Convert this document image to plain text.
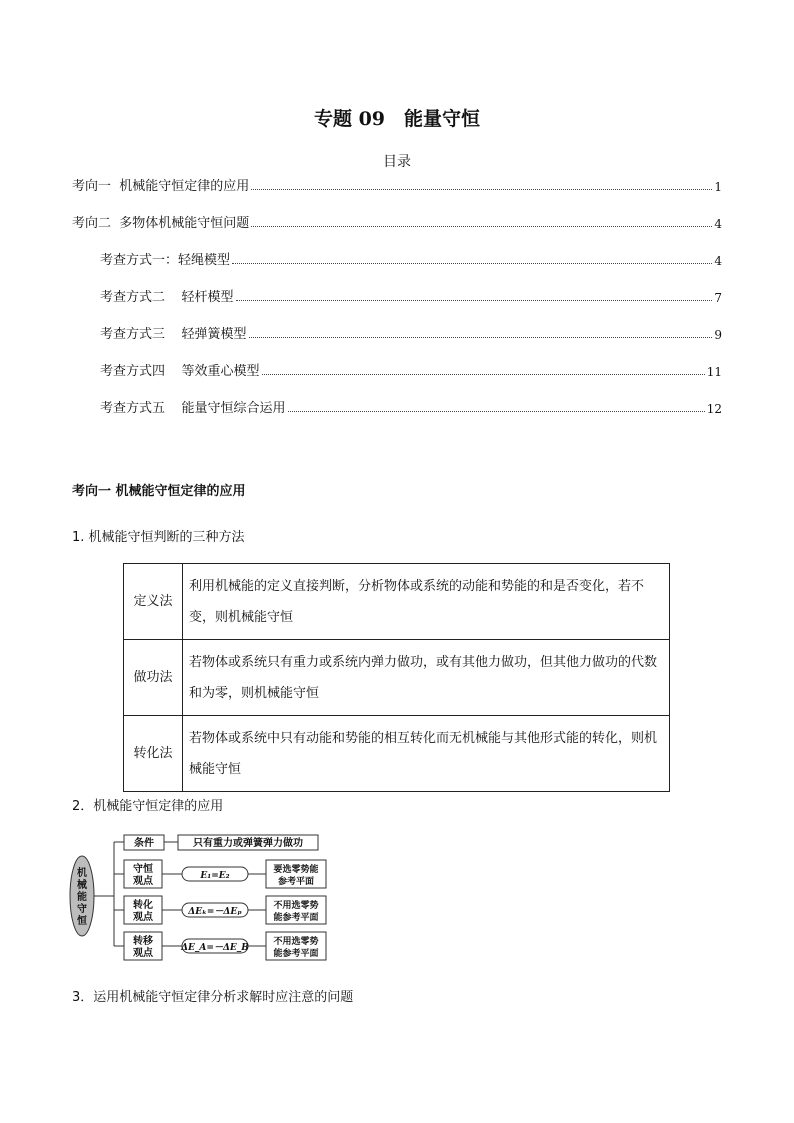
专题 09　能量守恒
目录
考向一  机械能守恒定律的应用	1
考向二  多物体机械能守恒问题	4
考查方式一：轻绳模型	4
考查方式二    轻杆模型	7
考查方式三    轻弹簧模型	9
考查方式四    等效重心模型	11
考查方式五    能量守恒综合运用	12
考向一 机械能守恒定律的应用
1. 机械能守恒判断的三种方法
定义法	利用机械能的定义直接判断，分析物体或系统的动能和势能的和是否变化，若不变，则机械能守恒
做功法	若物体或系统只有重力或系统内弹力做功，或有其他力做功，但其他力做功的代数和为零，则机械能守恒
转化法	若物体或系统中只有动能和势能的相互转化而无机械能与其他形式能的转化，则机械能守恒
2．机械能守恒定律的应用
机
械
能
守
恒
条件	只有重力或弹簧弹力做功
守恒
观点	E₁=E₂
要选零势能
参考平面
转化
观点	ΔEₖ=－ΔEₚ
不用选零势
能参考平面
转移
观点	ΔE_A=－ΔE_B
不用选零势
能参考平面
3．运用机械能守恒定律分析求解时应注意的问题
